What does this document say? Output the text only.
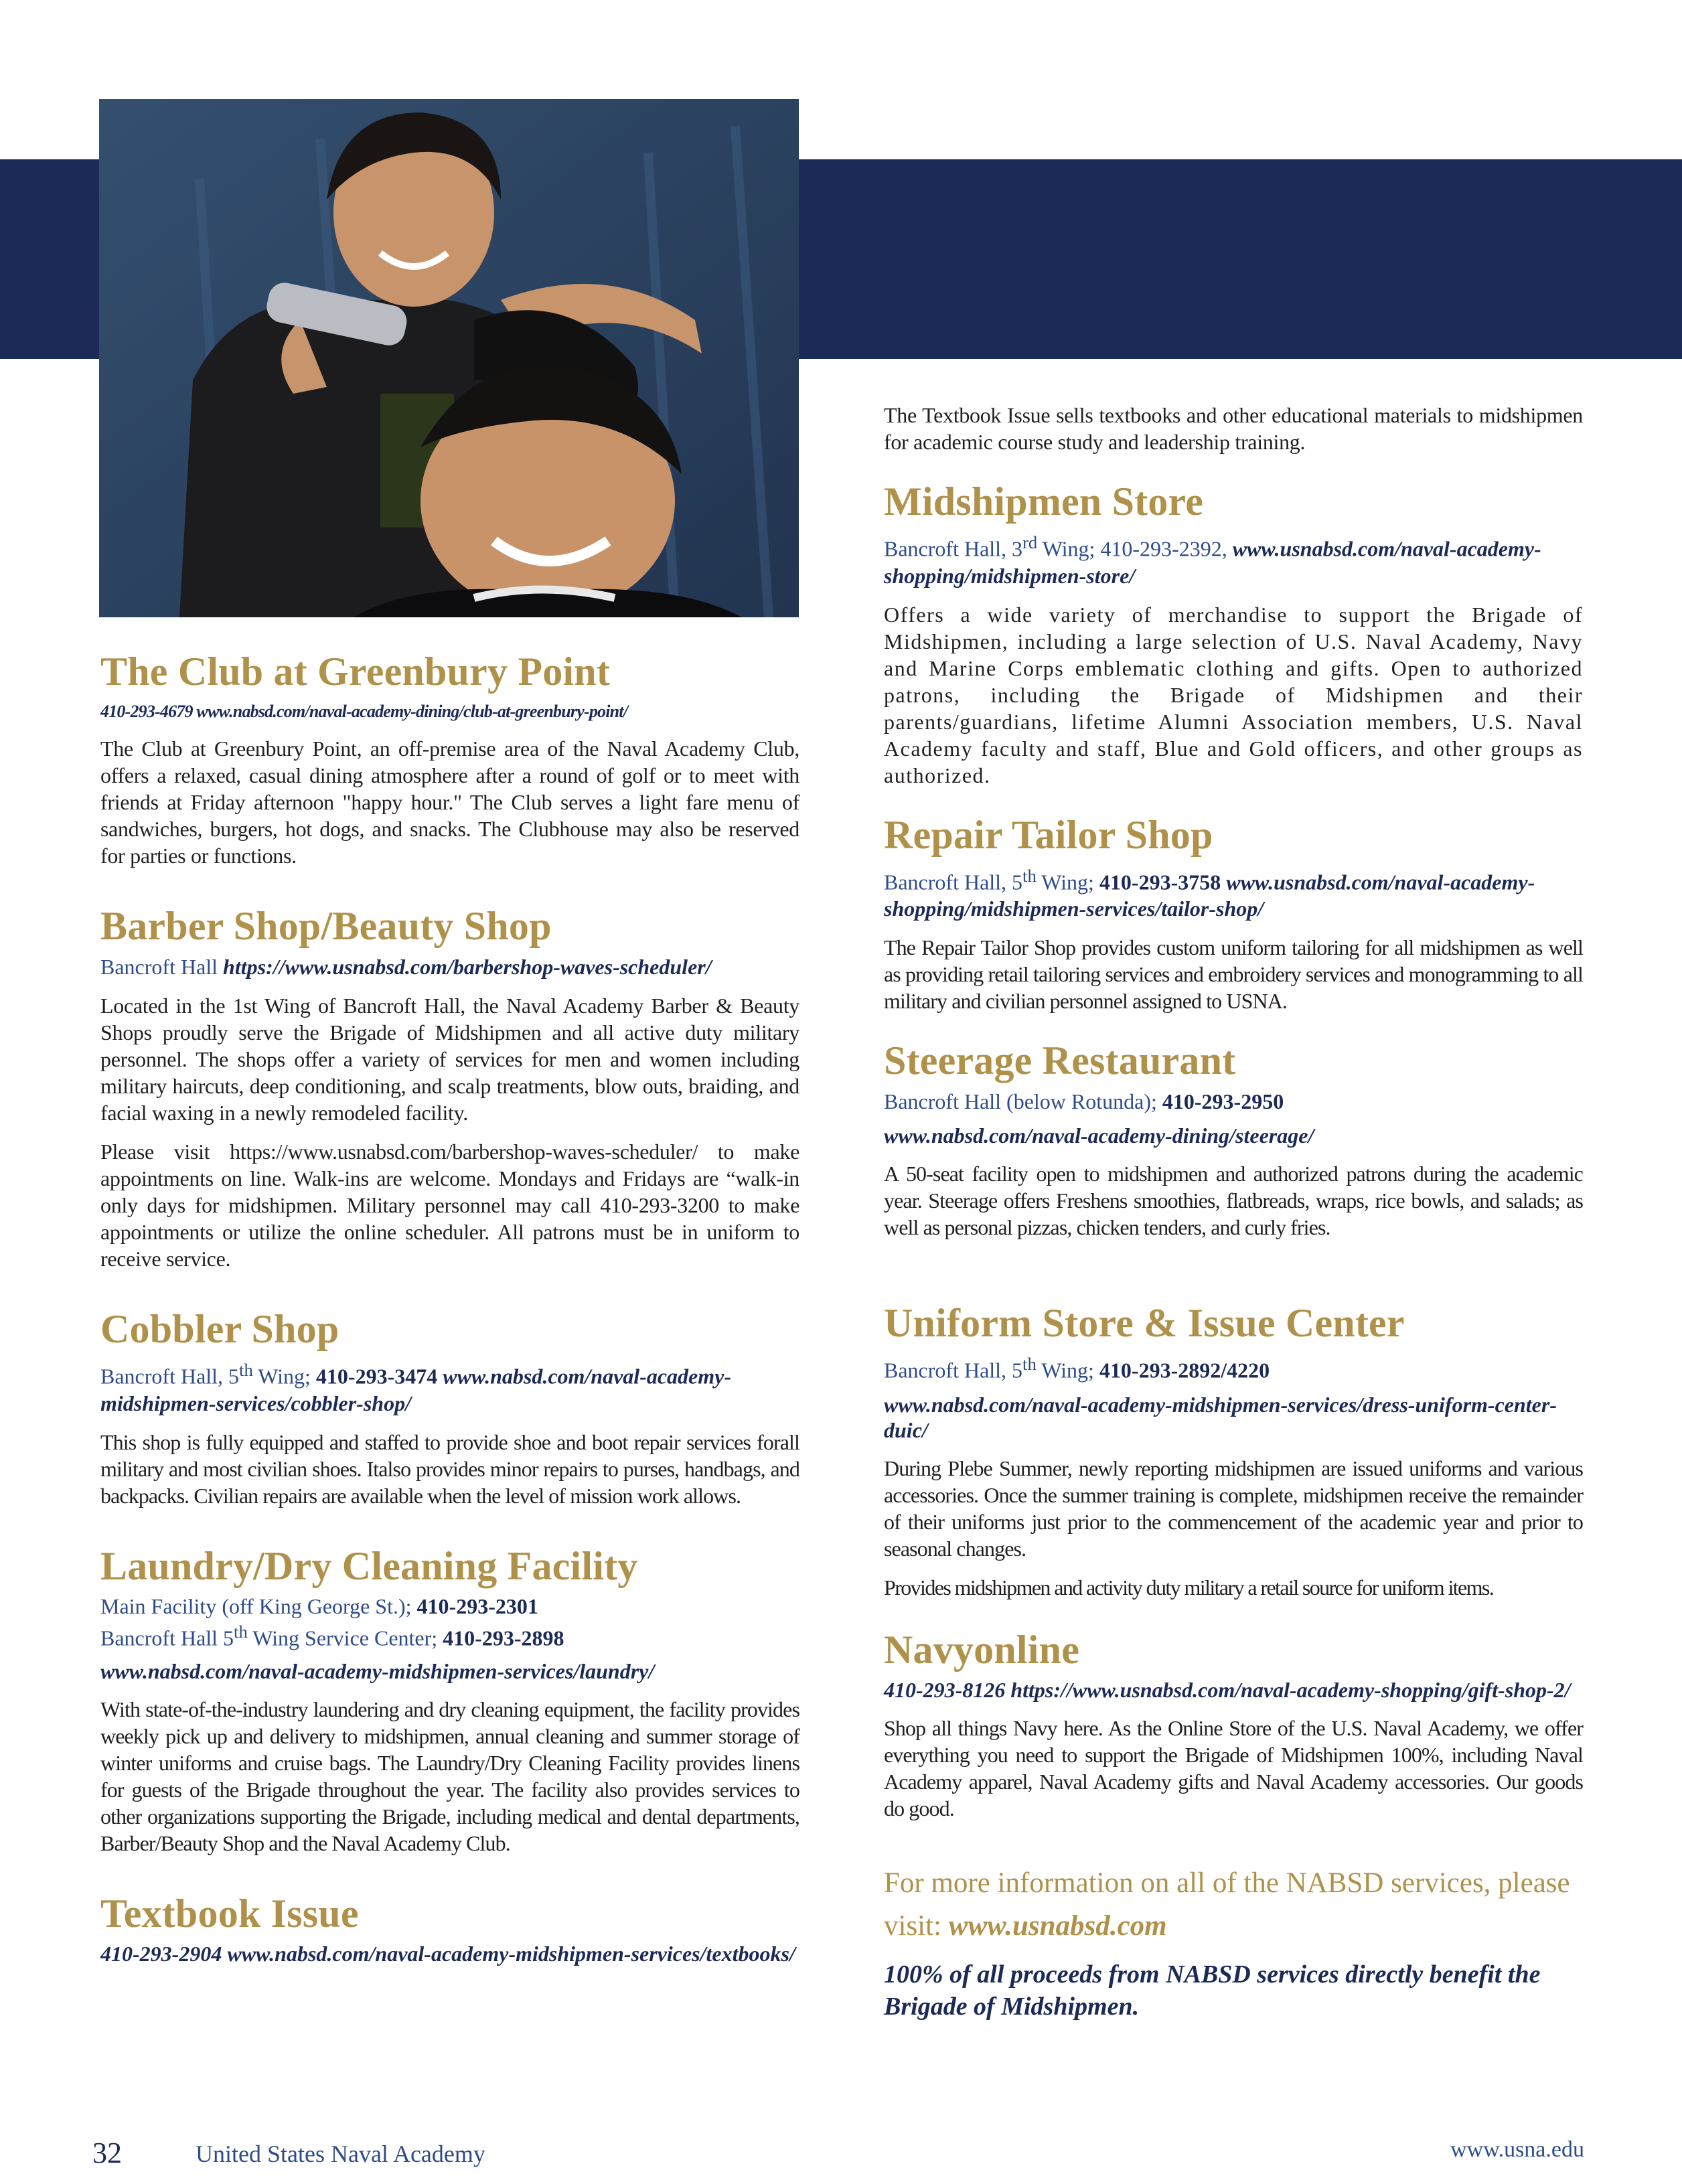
The Club at Greenbury Point
410-293-4679 www.nabsd.com/naval-academy-dining/club-at-greenbury-point/

The Club at Greenbury Point, an off-premise area of the Naval Academy Club, offers a relaxed, casual dining atmosphere after a round of golf or to meet with friends at Friday afternoon "happy hour." The Club serves a light fare menu of sandwiches, burgers, hot dogs, and snacks. The Clubhouse may also be reserved for parties or functions.

Barber Shop/Beauty Shop
Bancroft Hall https://www.usnabsd.com/barbershop-waves-scheduler/

Located in the 1st Wing of Bancroft Hall, the Naval Academy Barber & Beauty Shops proudly serve the Brigade of Midshipmen and all active duty military personnel. The shops offer a variety of services for men and women including military haircuts, deep conditioning, and scalp treatments, blow outs, braiding, and facial waxing in a newly remodeled facility.

Please visit https://www.usnabsd.com/barbershop-waves-scheduler/ to make appointments on line. Walk-ins are welcome. Mondays and Fridays are “walk-in only days for midshipmen. Military personnel may call 410-293-3200 to make appointments or utilize the online scheduler. All patrons must be in uniform to receive service.

Cobbler Shop
Bancroft Hall, 5th Wing; 410-293-3474 www.nabsd.com/naval-academy-midshipmen-services/cobbler-shop/

This shop is fully equipped and staffed to provide shoe and boot repair services forall military and most civilian shoes. Italso provides minor repairs to purses, handbags, and backpacks. Civilian repairs are available when the level of mission work allows.

Laundry/Dry Cleaning Facility
Main Facility (off King George St.); 410-293-2301
Bancroft Hall 5th Wing Service Center; 410-293-2898
www.nabsd.com/naval-academy-midshipmen-services/laundry/

With state-of-the-industry laundering and dry cleaning equipment, the facility provides weekly pick up and delivery to midshipmen, annual cleaning and summer storage of winter uniforms and cruise bags. The Laundry/Dry Cleaning Facility provides linens for guests of the Brigade throughout the year. The facility also provides services to other organizations supporting the Brigade, including medical and dental departments, Barber/Beauty Shop and the Naval Academy Club.

Textbook Issue
410-293-2904 www.nabsd.com/naval-academy-midshipmen-services/textbooks/

The Textbook Issue sells textbooks and other educational materials to midshipmen for academic course study and leadership training.

Midshipmen Store
Bancroft Hall, 3rd Wing; 410-293-2392, www.usnabsd.com/naval-academy-shopping/midshipmen-store/

Offers a wide variety of merchandise to support the Brigade of Midshipmen, including a large selection of U.S. Naval Academy, Navy and Marine Corps emblematic clothing and gifts. Open to authorized patrons, including the Brigade of Midshipmen and their parents/guardians, lifetime Alumni Association members, U.S. Naval Academy faculty and staff, Blue and Gold officers, and other groups as authorized.

Repair Tailor Shop
Bancroft Hall, 5th Wing; 410-293-3758 www.usnabsd.com/naval-academy-shopping/midshipmen-services/tailor-shop/

The Repair Tailor Shop provides custom uniform tailoring for all midshipmen as well as providing retail tailoring services and embroidery services and monogramming to all military and civilian personnel assigned to USNA.

Steerage Restaurant
Bancroft Hall (below Rotunda); 410-293-2950
www.nabsd.com/naval-academy-dining/steerage/

A 50-seat facility open to midshipmen and authorized patrons during the academic year. Steerage offers Freshens smoothies, flatbreads, wraps, rice bowls, and salads; as well as personal pizzas, chicken tenders, and curly fries.

Uniform Store & Issue Center
Bancroft Hall, 5th Wing; 410-293-2892/4220
www.nabsd.com/naval-academy-midshipmen-services/dress-uniform-center-duic/

During Plebe Summer, newly reporting midshipmen are issued uniforms and various accessories. Once the summer training is complete, midshipmen receive the remainder of their uniforms just prior to the commencement of the academic year and prior to seasonal changes.

Provides midshipmen and activity duty military a retail source for uniform items.

Navyonline
410-293-8126 https://www.usnabsd.com/naval-academy-shopping/gift-shop-2/

Shop all things Navy here. As the Online Store of the U.S. Naval Academy, we offer everything you need to support the Brigade of Midshipmen 100%, including Naval Academy apparel, Naval Academy gifts and Naval Academy accessories. Our goods do good.

For more information on all of the NABSD services, please visit: www.usnabsd.com
100% of all proceeds from NABSD services directly benefit the Brigade of Midshipmen.
32	United States Naval Academy	www.usna.edu
